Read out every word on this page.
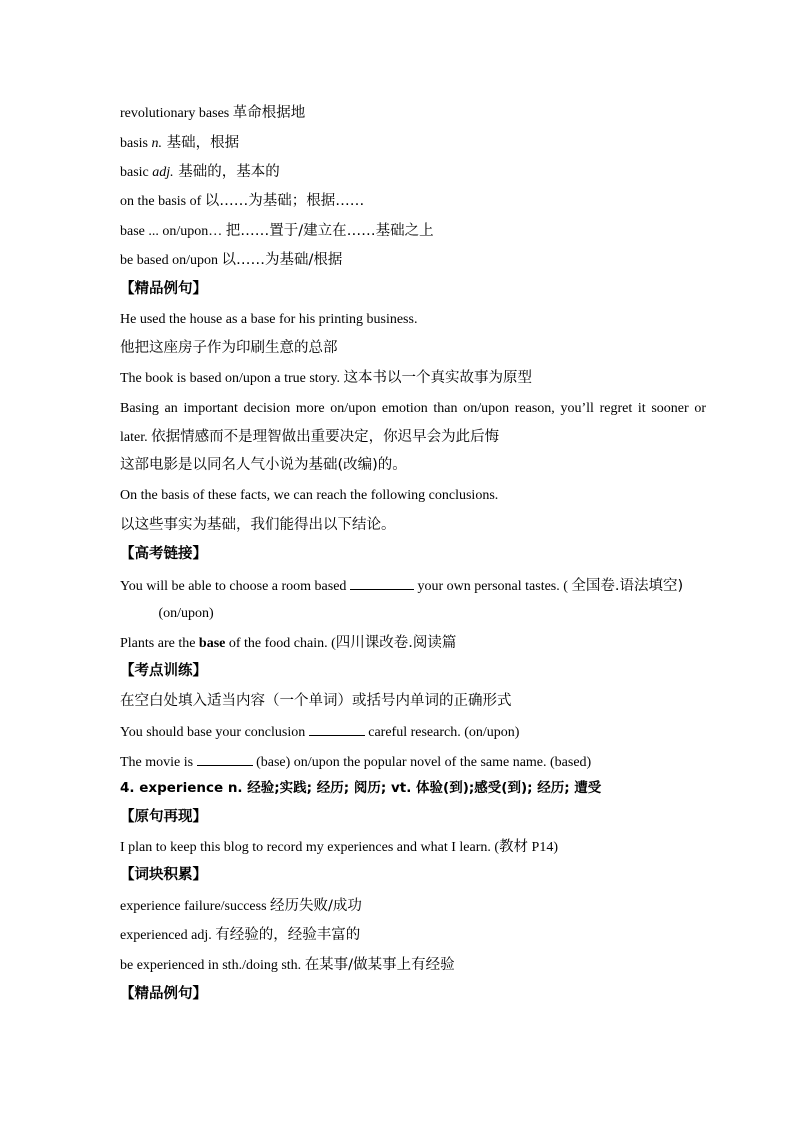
revolutionary bases 革命根据地
basis n. 基础，根据
basic adj. 基础的，基本的
on the basis of 以……为基础；根据……
base ... on/upon… 把……置于/建立在……基础之上
be based on/upon 以……为基础/根据
【精品例句】
He used the house as a base for his printing business.
他把这座房子作为印刷生意的总部
The book is based on/upon a true story. 这本书以一个真实故事为原型
Basing an important decision more on/upon emotion than on/upon reason, you’ll regret it sooner or later. 依据情感而不是理智做出重要决定，你迟早会为此后悔
这部电影是以同名人气小说为基础(改编)的。
On the basis of these facts, we can reach the following conclusions.
以这些事实为基础，我们能得出以下结论。
【高考链接】
You will be able to choose a room based	your own personal tastes. ( 全国卷.语法填空)
(on/upon)
Plants are the base of the food chain. (四川课改卷.阅读篇
【考点训练】
在空白处填入适当内容（一个单词）或括号内单词的正确形式
You should base your conclusion	careful research. (on/upon)
The movie is	(base) on/upon the popular novel of the same name. (based)
4. experience n. 经验;实践; 经历; 阅历; vt. 体验(到);感受(到); 经历; 遭受
【原句再现】
I plan to keep this blog to record my experiences and what I learn. (教材 P14)
【词块积累】
experience failure/success 经历失败/成功
experienced adj. 有经验的，经验丰富的
be experienced in sth./doing sth. 在某事/做某事上有经验
【精品例句】
